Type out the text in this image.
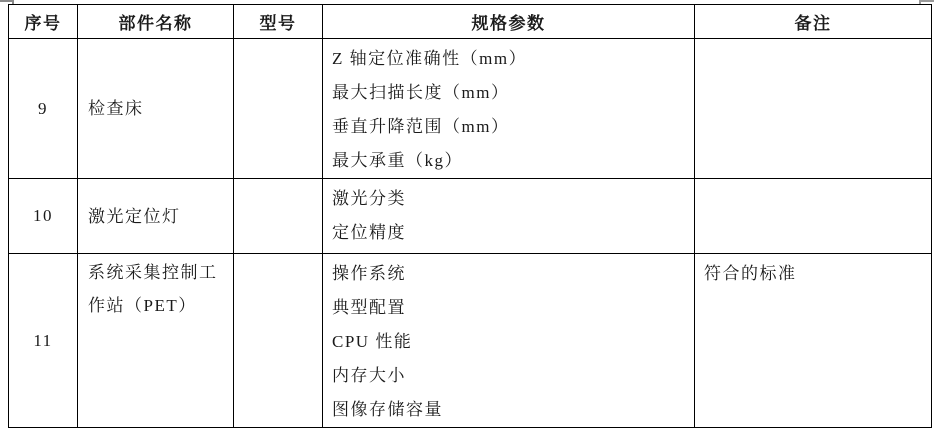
序号	部件名称	型号	规格参数	备注
9	检查床		Z 轴定位准确性（mm）
最大扫描长度（mm）
垂直升降范围（mm）
最大承重（kg）	

10	激光定位灯		激光分类
定位精度	

11	系统采集控制工作站（PET）		操作系统
典型配置
CPU 性能
内存大小
图像存储容量	符合的标准
